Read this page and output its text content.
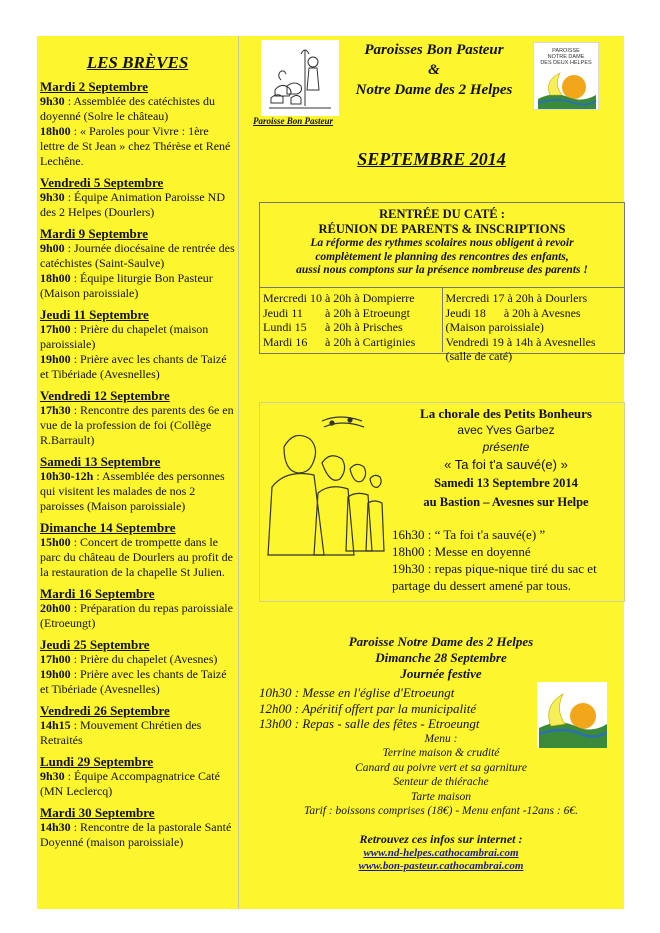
LES BRÈVES
Mardi 2 Septembre
9h30 : Assemblée des catéchistes du doyenné (Solre le château)
18h00 : « Paroles pour Vivre : 1ère lettre de St Jean » chez Thérèse et René Lechêne.
Vendredi 5 Septembre
9h30 : Équipe Animation Paroisse ND des 2 Helpes (Dourlers)
Mardi 9 Septembre
9h00 : Journée diocésaine de rentrée des catéchistes (Saint-Saulve)
18h00 : Équipe liturgie Bon Pasteur (Maison paroissiale)
Jeudi 11 Septembre
17h00 : Prière du chapelet (maison paroissiale)
19h00 : Prière avec les chants de Taizé et Tibériade (Avesnelles)
Vendredi 12 Septembre
17h30 : Rencontre des parents des 6e en vue de la profession de foi (Collège R.Barrault)
Samedi 13 Septembre
10h30-12h : Assemblée des personnes qui visitent les malades de nos 2 paroisses (Maison paroissiale)
Dimanche 14 Septembre
15h00 : Concert de trompette dans le parc du château de Dourlers au profit de la restauration de la chapelle St Julien.
Mardi 16 Septembre
20h00 : Préparation du repas paroissiale (Etroeungt)
Jeudi 25 Septembre
17h00 : Prière du chapelet (Avesnes)
19h00 : Prière avec les chants de Taizé et Tibériade (Avesnelles)
Vendredi 26 Septembre
14h15 : Mouvement Chrétien des Retraités
Lundi 29 Septembre
9h30 : Équipe Accompagnatrice Caté (MN Leclercq)
Mardi 30 Septembre
14h30 : Rencontre de la pastorale Santé Doyenné (maison paroissiale)
Paroisse Bon Pasteur
Paroisses Bon Pasteur
&
Notre Dame des 2 Helpes
PAROISSE
NOTRE DAME
DES DEUX HELPES
SEPTEMBRE 2014
RENTRÉE DU CATÉ :
RÉUNION DE PARENTS & INSCRIPTIONS
La réforme des rythmes scolaires nous obligent à revoir
complètement le planning des rencontres des enfants,
aussi nous comptons sur la présence nombreuse des parents !
Mercredi 10 à 20h à Dompierre
Jeudi 11	à 20h à Etroeungt
Lundi 15	à 20h à Prisches
Mardi 16	à 20h à Cartiginies
Mercredi 17 à 20h à Dourlers
Jeudi 18      à 20h à Avesnes
(Maison paroissiale)
Vendredi 19 à 14h à Avesnelles
(salle de caté)
La chorale des Petits Bonheurs
avec Yves Garbez
présente
« Ta foi t'a sauvé(e) »
Samedi 13 Septembre 2014
au Bastion – Avesnes sur Helpe
16h30 : “ Ta foi t'a sauvé(e) ”
18h00 : Messe en doyenné
19h30 : repas pique-nique tiré du sac et partage du dessert amené par tous.
Paroisse Notre Dame des 2 Helpes
Dimanche 28 Septembre
Journée festive
10h30 : Messe en l'église d'Etroeungt
12h00 : Apéritif offert par la municipalité
13h00 : Repas - salle des fêtes - Etroeungt
Menu :
Terrine maison & crudité
Canard au poivre vert et sa garniture
Senteur de thiérache
Tarte maison
Tarif : boissons comprises (18€) - Menu enfant -12ans : 6€.
Retrouvez ces infos sur internet :
www.nd-helpes.cathocambrai.com
www.bon-pasteur.cathocambrai.com
